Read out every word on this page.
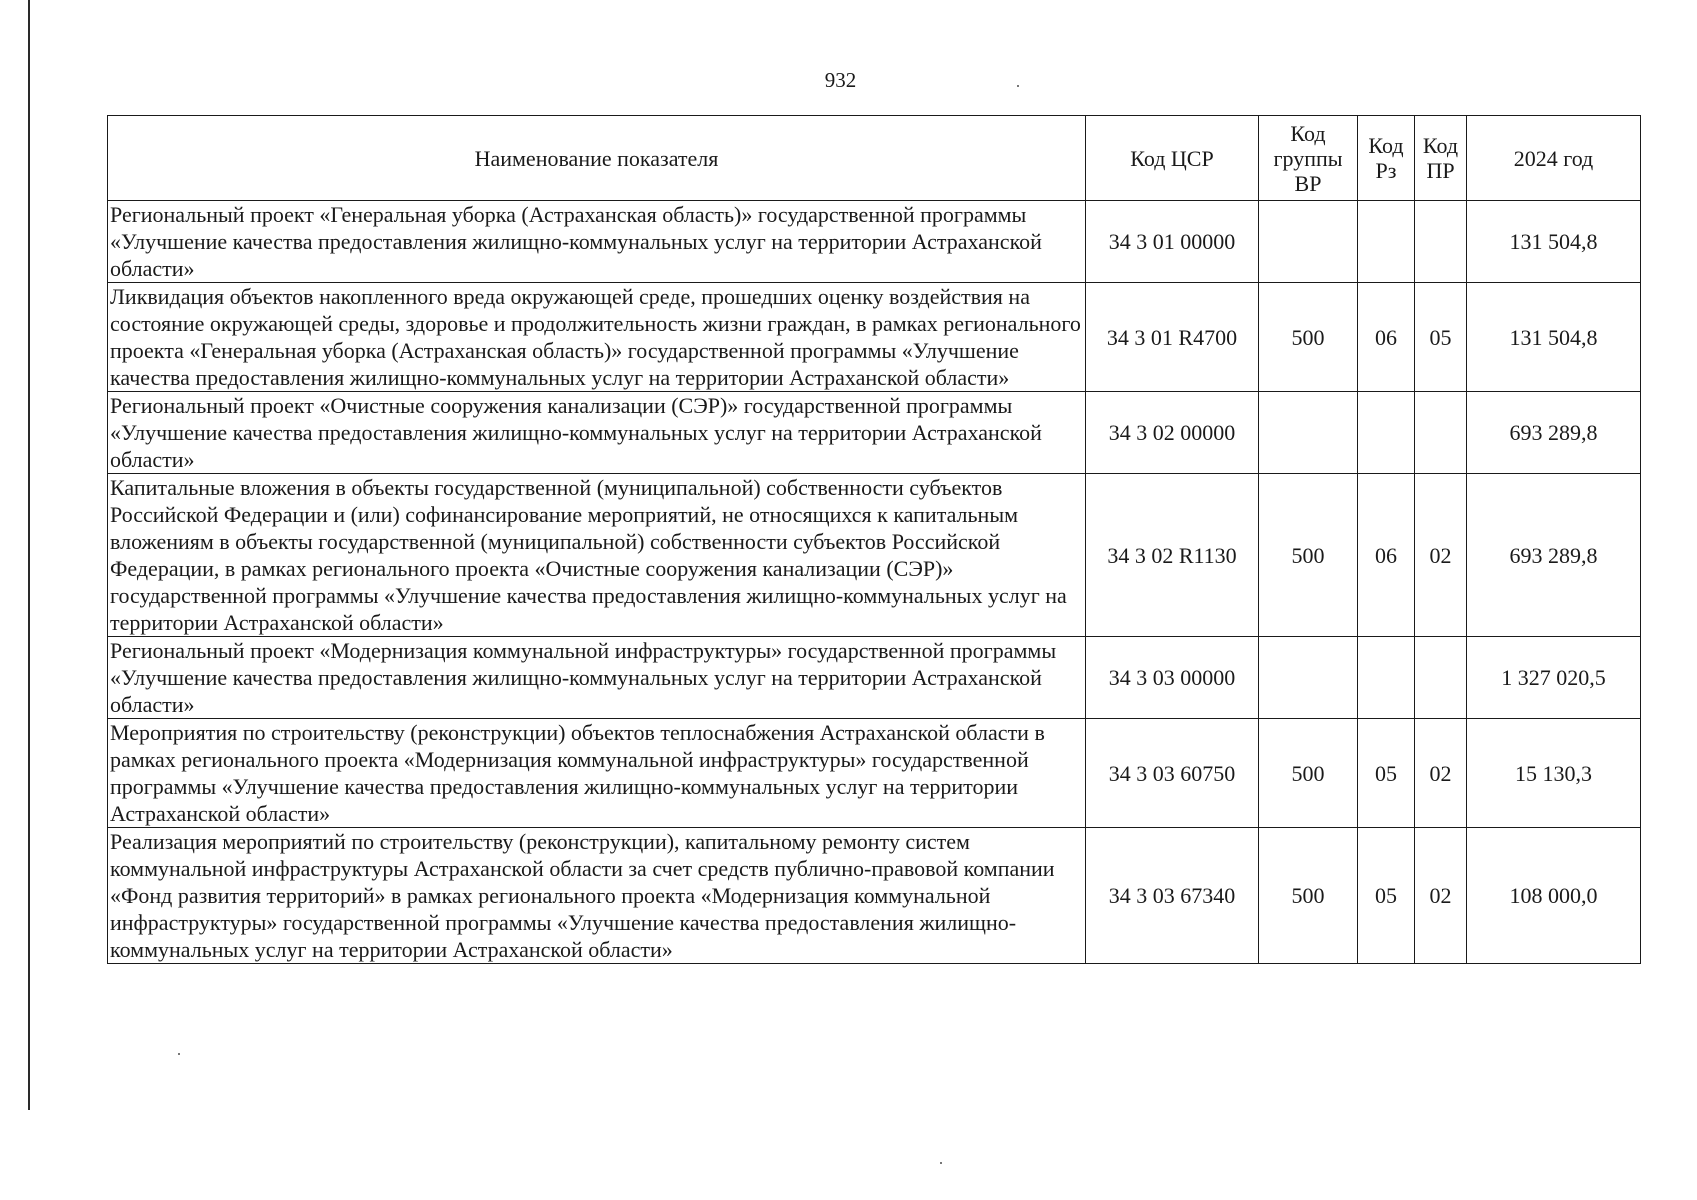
932
Наименование показателя	Код ЦСР	Код группы ВР	Код Рз	Код ПР	2024 год
Региональный проект «Генеральная уборка (Астраханская область)» государственной программы «Улучшение качества предоставления жилищно-коммунальных услуг на территории Астраханской области»	34 3 01 00000				131 504,8
Ликвидация объектов накопленного вреда окружающей среде, прошедших оценку воздействия на состояние окружающей среды, здоровье и продолжительность жизни граждан, в рамках регионального проекта «Генеральная уборка (Астраханская область)» государственной программы «Улучшение качества предоставления жилищно-коммунальных услуг на территории Астраханской области»	34 3 01 R4700	500	06	05	131 504,8
Региональный проект «Очистные сооружения канализации (СЭР)» государственной программы «Улучшение качества предоставления жилищно-коммунальных услуг на территории Астраханской области»	34 3 02 00000				693 289,8
Капитальные вложения в объекты государственной (муниципальной) собственности субъектов Российской Федерации и (или) софинансирование мероприятий, не относящихся к капитальным вложениям в объекты государственной (муниципальной) собственности субъектов Российской Федерации, в рамках регионального проекта «Очистные сооружения канализации (СЭР)» государственной программы «Улучшение качества предоставления жилищно-коммунальных услуг на территории Астраханской области»	34 3 02 R1130	500	06	02	693 289,8
Региональный проект «Модернизация коммунальной инфраструктуры» государственной программы «Улучшение качества предоставления жилищно-коммунальных услуг на территории Астраханской области»	34 3 03 00000				1 327 020,5
Мероприятия по строительству (реконструкции) объектов теплоснабжения Астраханской области в рамках регионального проекта «Модернизация коммунальной инфраструктуры» государственной программы «Улучшение качества предоставления жилищно-коммунальных услуг на территории Астраханской области»	34 3 03 60750	500	05	02	15 130,3
Реализация мероприятий по строительству (реконструкции), капитальному ремонту систем коммунальной инфраструктуры Астраханской области за счет средств публично-правовой компании «Фонд развития территорий» в рамках регионального проекта «Модернизация коммунальной инфраструктуры» государственной программы «Улучшение качества предоставления жилищно-коммунальных услуг на территории Астраханской области»	34 3 03 67340	500	05	02	108 000,0
